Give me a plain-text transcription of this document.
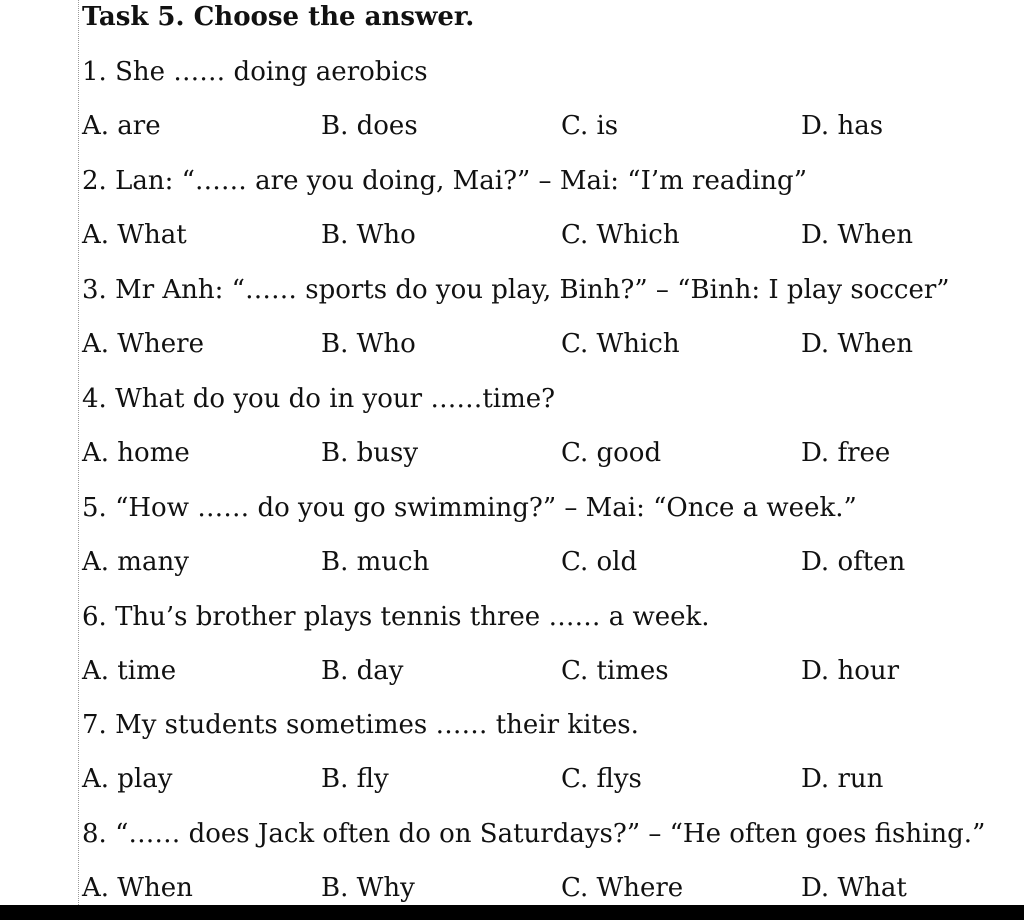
Task 5. Choose the answer.
1. She …… doing aerobics
A. are	B. does	C. is	D. has
2. Lan: “…… are you doing, Mai?” – Mai: “I’m reading”
A. What	B. Who	C. Which	D. When
3. Mr Anh: “…… sports do you play, Binh?” – “Binh: I play soccer”
A. Where	B. Who	C. Which	D. When
4. What do you do in your ……time?
A. home	B. busy	C. good	D. free
5. “How …… do you go swimming?” – Mai: “Once a week.”
A. many	B. much	C. old	D. often
6. Thu’s brother plays tennis three …… a week.
A. time	B. day	C. times	D. hour
7. My students sometimes …… their kites.
A. play	B. fly	C. flys	D. run
8. “…… does Jack often do on Saturdays?” – “He often goes fishing.”
A. When	B. Why	C. Where	D. What
